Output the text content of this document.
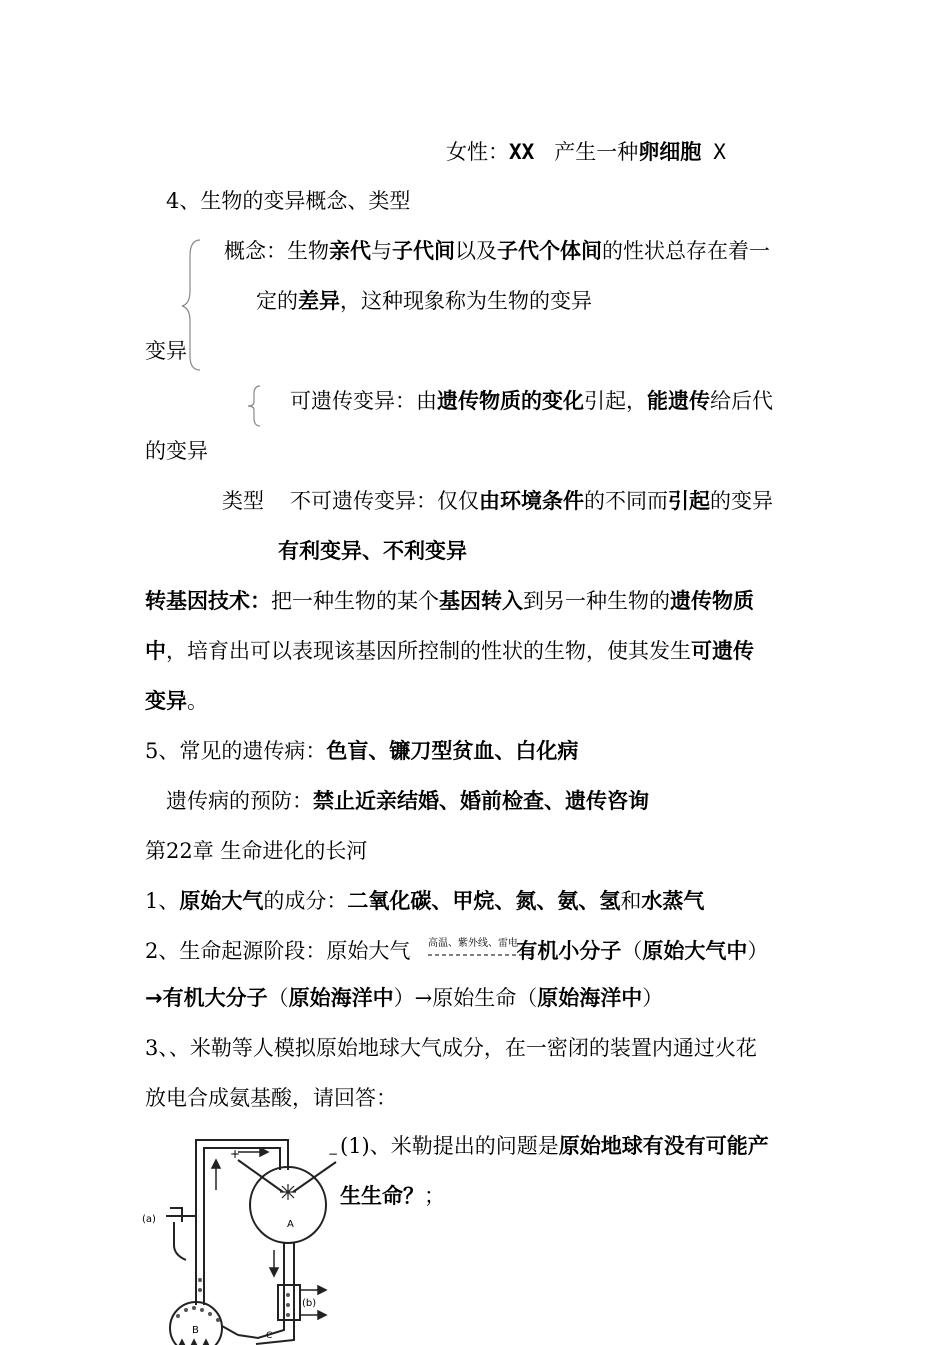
女性：XX 产生一种卵细胞 X
4、生物的变异概念、类型
概念：生物亲代与子代间以及子代个体间的性状总存在着一
定的差异，这种现象称为生物的变异
变异
可遗传变异：由遗传物质的变化引起，能遗传给后代
的变异
类型 不可遗传变异：仅仅由环境条件的不同而引起的变异
有利变异、不利变异
转基因技术：把一种生物的某个基因转入到另一种生物的遗传物质
中，培育出可以表现该基因所控制的性状的生物，使其发生可遗传
变异。
5、常见的遗传病：色盲、镰刀型贫血、白化病
遗传病的预防：禁止近亲结婚、婚前检查、遗传咨询
第22章 生命进化的长河
1、原始大气的成分：二氧化碳、甲烷、氮、氨、氢和水蒸气
2、生命起源阶段：原始大气	有机小分子（原始大气中）
高温、紫外线、雷电
→有机大分子（原始海洋中）→原始生命（原始海洋中）
3、、米勒等人模拟原始地球大气成分，在一密闭的装置内通过火花
放电合成氨基酸，请回答：
(1)、米勒提出的问题是原始地球有没有可能产
生生命？；
A
B	C
(a)
(b)
+	−
